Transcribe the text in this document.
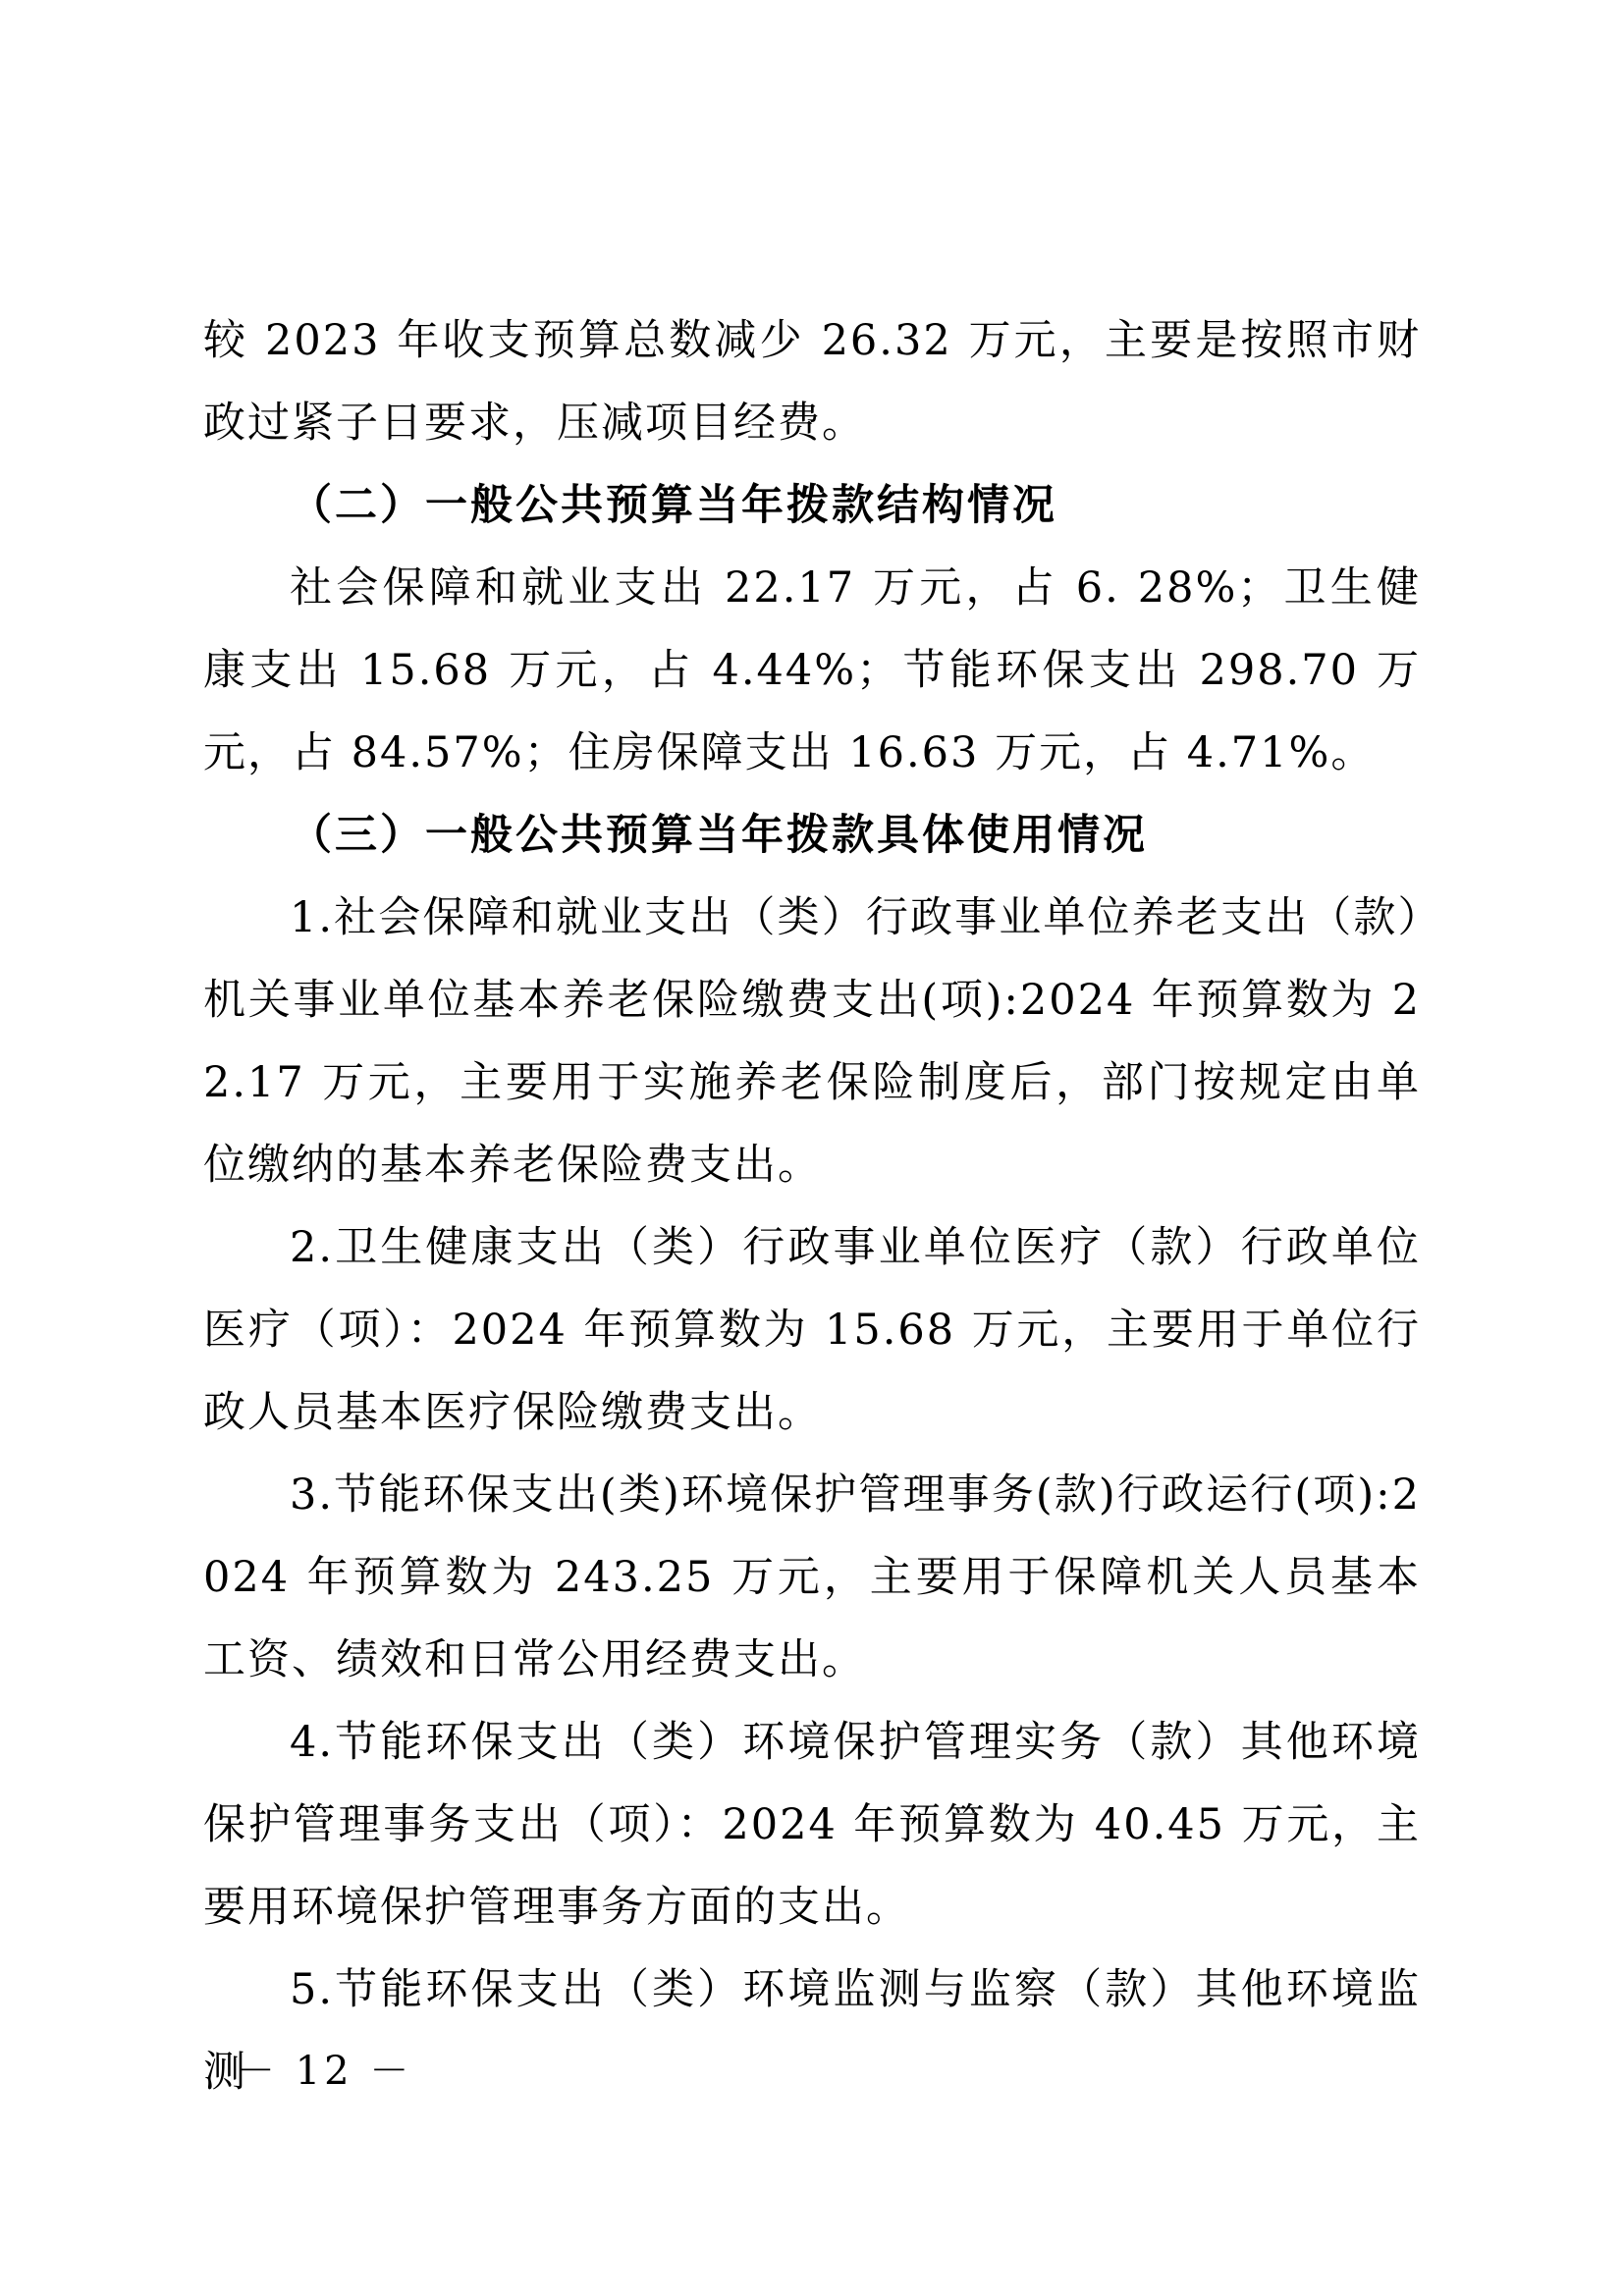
较 2023 年收支预算总数减少 26.32 万元，主要是按照市财政过紧子日要求，压减项目经费。

（二）一般公共预算当年拨款结构情况

社会保障和就业支出 22.17 万元，占 6. 28%；卫生健康支出 15.68 万元，占 4.44%；节能环保支出 298.70 万元，占 84.57%；住房保障支出 16.63 万元，占 4.71%。

（三）一般公共预算当年拨款具体使用情况

1.社会保障和就业支出（类）行政事业单位养老支出（款）机关事业单位基本养老保险缴费支出(项):2024 年预算数为 22.17 万元，主要用于实施养老保险制度后，部门按规定由单位缴纳的基本养老保险费支出。

2.卫生健康支出（类）行政事业单位医疗（款）行政单位医疗（项）：2024 年预算数为 15.68 万元，主要用于单位行政人员基本医疗保险缴费支出。

3.节能环保支出(类)环境保护管理事务(款)行政运行(项):2024 年预算数为 243.25 万元，主要用于保障机关人员基本工资、绩效和日常公用经费支出。

4.节能环保支出（类）环境保护管理实务（款）其他环境保护管理事务支出（项）：2024 年预算数为 40.45 万元，主要用环境保护管理事务方面的支出。

5.节能环保支出（类）环境监测与监察（款）其他环境监测

－ 12 －
